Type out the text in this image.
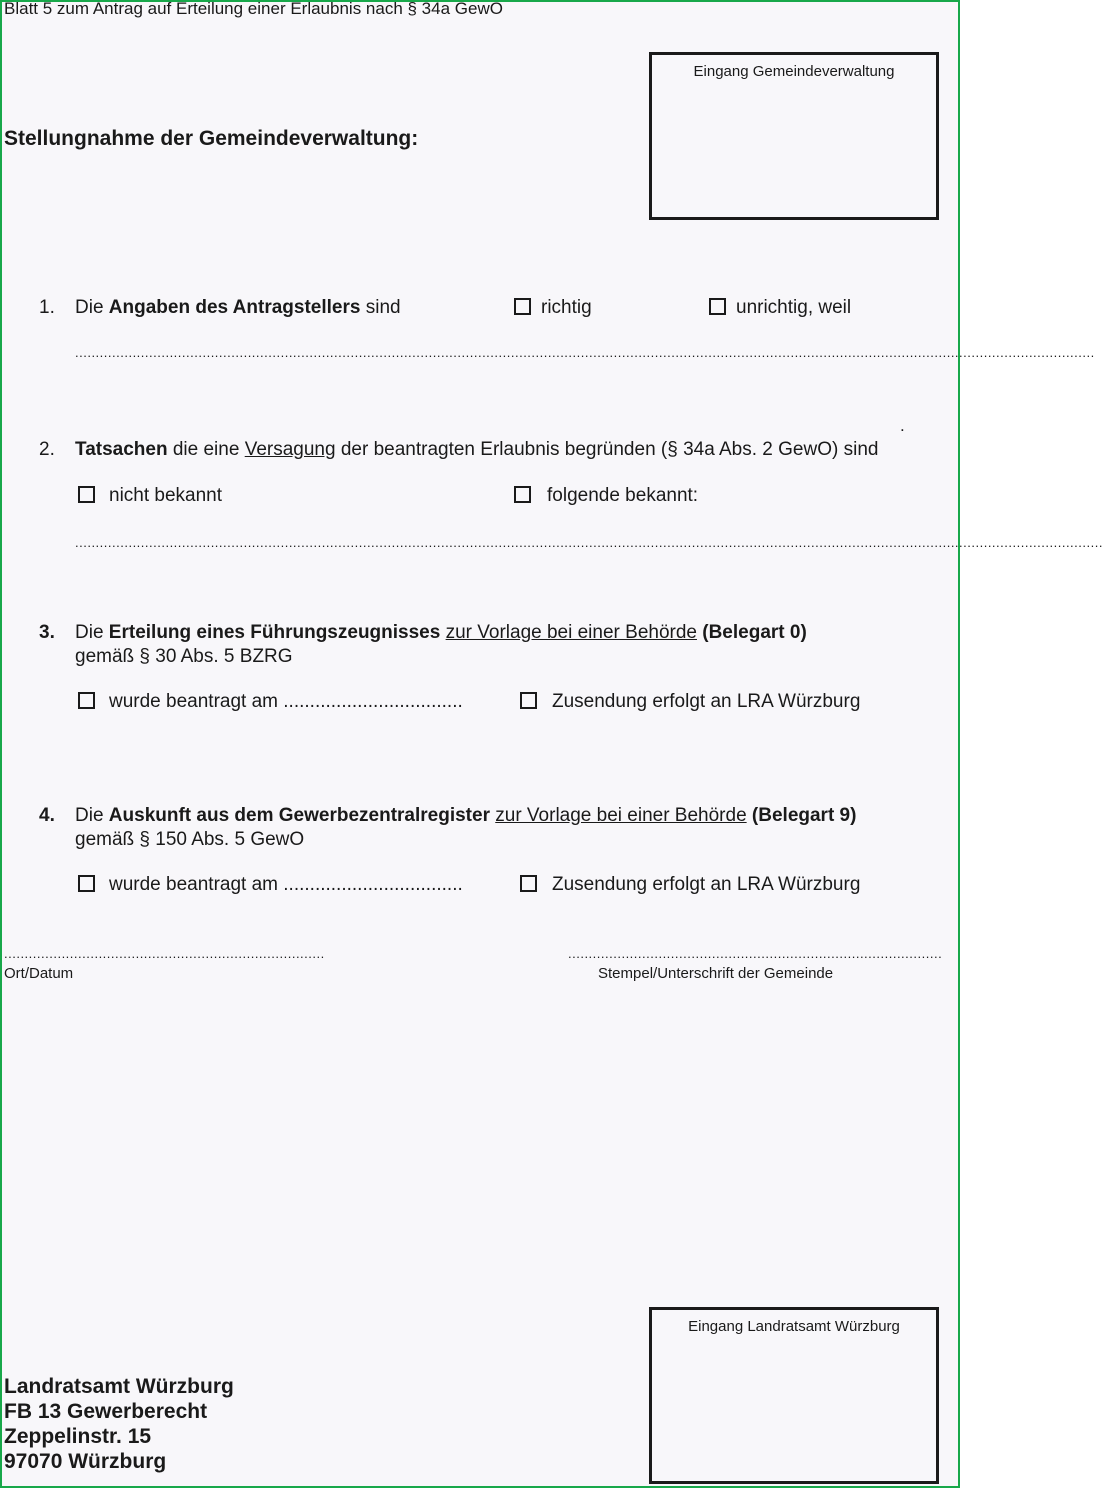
Blatt 5 zum Antrag auf Erteilung einer Erlaubnis nach § 34a GewO
Eingang Gemeindeverwaltung
Stellungnahme der Gemeindeverwaltung:
1. Die Angaben des Antragstellers sind	richtig	unrichtig, weil
........................................................................................................................................................................................................................................................
.
2. Tatsachen die eine Versagung der beantragten Erlaubnis begründen (§ 34a Abs. 2 GewO) sind
nicht bekannt	folgende bekannt:
..........................................................................................................................................................................................................................................................
3. Die Erteilung eines Führungszeugnisses zur Vorlage bei einer Behörde (Belegart 0)
gemäß § 30 Abs. 5 BZRG
wurde beantragt am ..................................	Zusendung erfolgt an LRA Würzburg
4. Die Auskunft aus dem Gewerbezentralregister zur Vorlage bei einer Behörde (Belegart 9)
gemäß § 150 Abs. 5 GewO
wurde beantragt am ..................................	Zusendung erfolgt an LRA Würzburg
..............................................................................
Ort/Datum
...........................................................................................
Stempel/Unterschrift der Gemeinde
Eingang Landratsamt Würzburg
Landratsamt Würzburg
FB 13 Gewerberecht
Zeppelinstr. 15
97070 Würzburg
